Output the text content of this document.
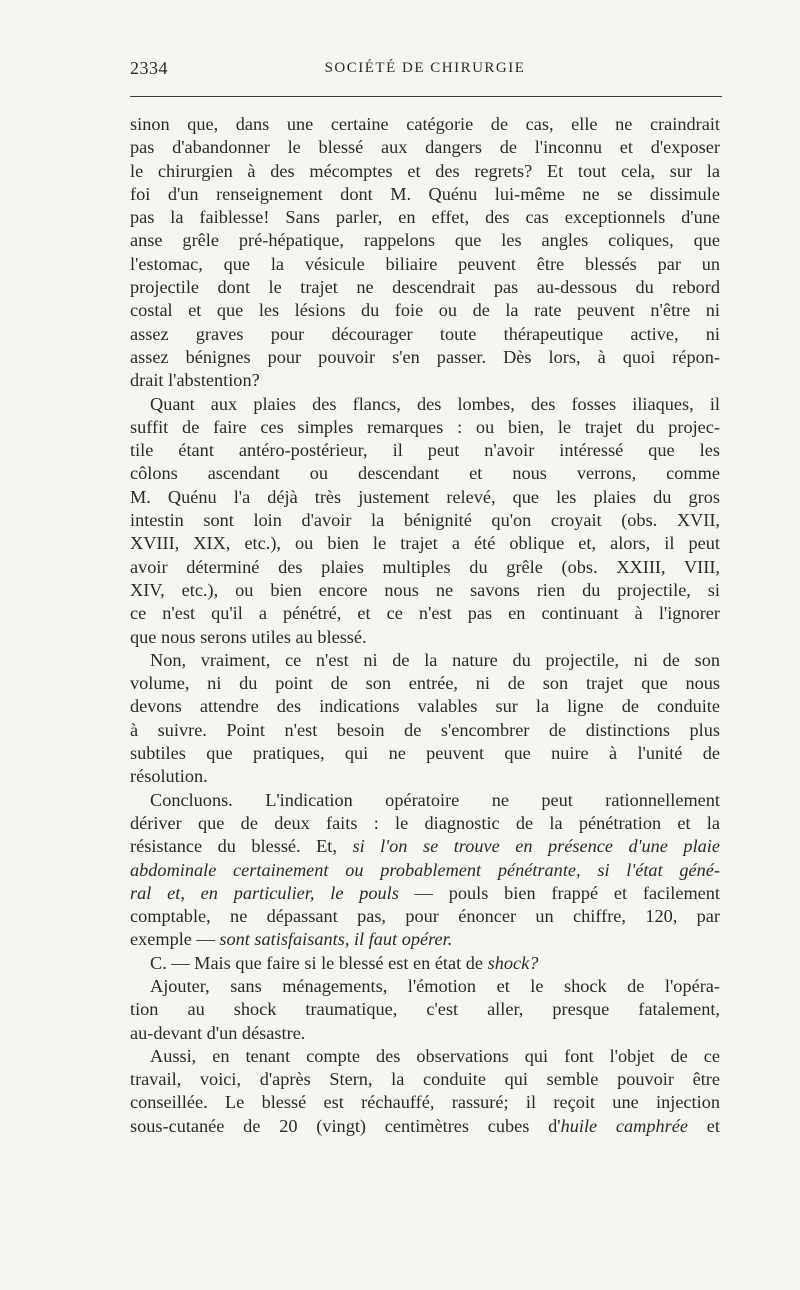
2334	SOCIÉTÉ DE CHIRURGIE
sinon que, dans une certaine catégorie de cas, elle ne craindrait
pas d'abandonner le blessé aux dangers de l'inconnu et d'exposer
le chirurgien à des mécomptes et des regrets? Et tout cela, sur la
foi d'un renseignement dont M. Quénu lui-même ne se dissimule
pas la faiblesse! Sans parler, en effet, des cas exceptionnels d'une
anse grêle pré-hépatique, rappelons que les angles coliques, que
l'estomac, que la vésicule biliaire peuvent être blessés par un
projectile dont le trajet ne descendrait pas au-dessous du rebord
costal et que les lésions du foie ou de la rate peuvent n'être ni
assez graves pour décourager toute thérapeutique active, ni
assez bénignes pour pouvoir s'en passer. Dès lors, à quoi répon-
drait l'abstention?
Quant aux plaies des flancs, des lombes, des fosses iliaques, il
suffit de faire ces simples remarques : ou bien, le trajet du projec-
tile étant antéro-postérieur, il peut n'avoir intéressé que les
côlons ascendant ou descendant et nous verrons, comme
M. Quénu l'a déjà très justement relevé, que les plaies du gros
intestin sont loin d'avoir la bénignité qu'on croyait (obs. XVII,
XVIII, XIX, etc.), ou bien le trajet a été oblique et, alors, il peut
avoir déterminé des plaies multiples du grêle (obs. XXIII, VIII,
XIV, etc.), ou bien encore nous ne savons rien du projectile, si
ce n'est qu'il a pénétré, et ce n'est pas en continuant à l'ignorer
que nous serons utiles au blessé.
Non, vraiment, ce n'est ni de la nature du projectile, ni de son
volume, ni du point de son entrée, ni de son trajet que nous
devons attendre des indications valables sur la ligne de conduite
à suivre. Point n'est besoin de s'encombrer de distinctions plus
subtiles que pratiques, qui ne peuvent que nuire à l'unité de
résolution.
Concluons. L'indication opératoire ne peut rationnellement
dériver que de deux faits : le diagnostic de la pénétration et la
résistance du blessé. Et, si l'on se trouve en présence d'une plaie
abdominale certainement ou probablement pénétrante, si l'état géné-
ral et, en particulier, le pouls — pouls bien frappé et facilement
comptable, ne dépassant pas, pour énoncer un chiffre, 120, par
exemple — sont satisfaisants, il faut opérer.
C. — Mais que faire si le blessé est en état de shock?
Ajouter, sans ménagements, l'émotion et le shock de l'opéra-
tion au shock traumatique, c'est aller, presque fatalement,
au-devant d'un désastre.
Aussi, en tenant compte des observations qui font l'objet de ce
travail, voici, d'après Stern, la conduite qui semble pouvoir être
conseillée. Le blessé est réchauffé, rassuré; il reçoit une injection
sous-cutanée de 20 (vingt) centimètres cubes d'huile camphrée et
